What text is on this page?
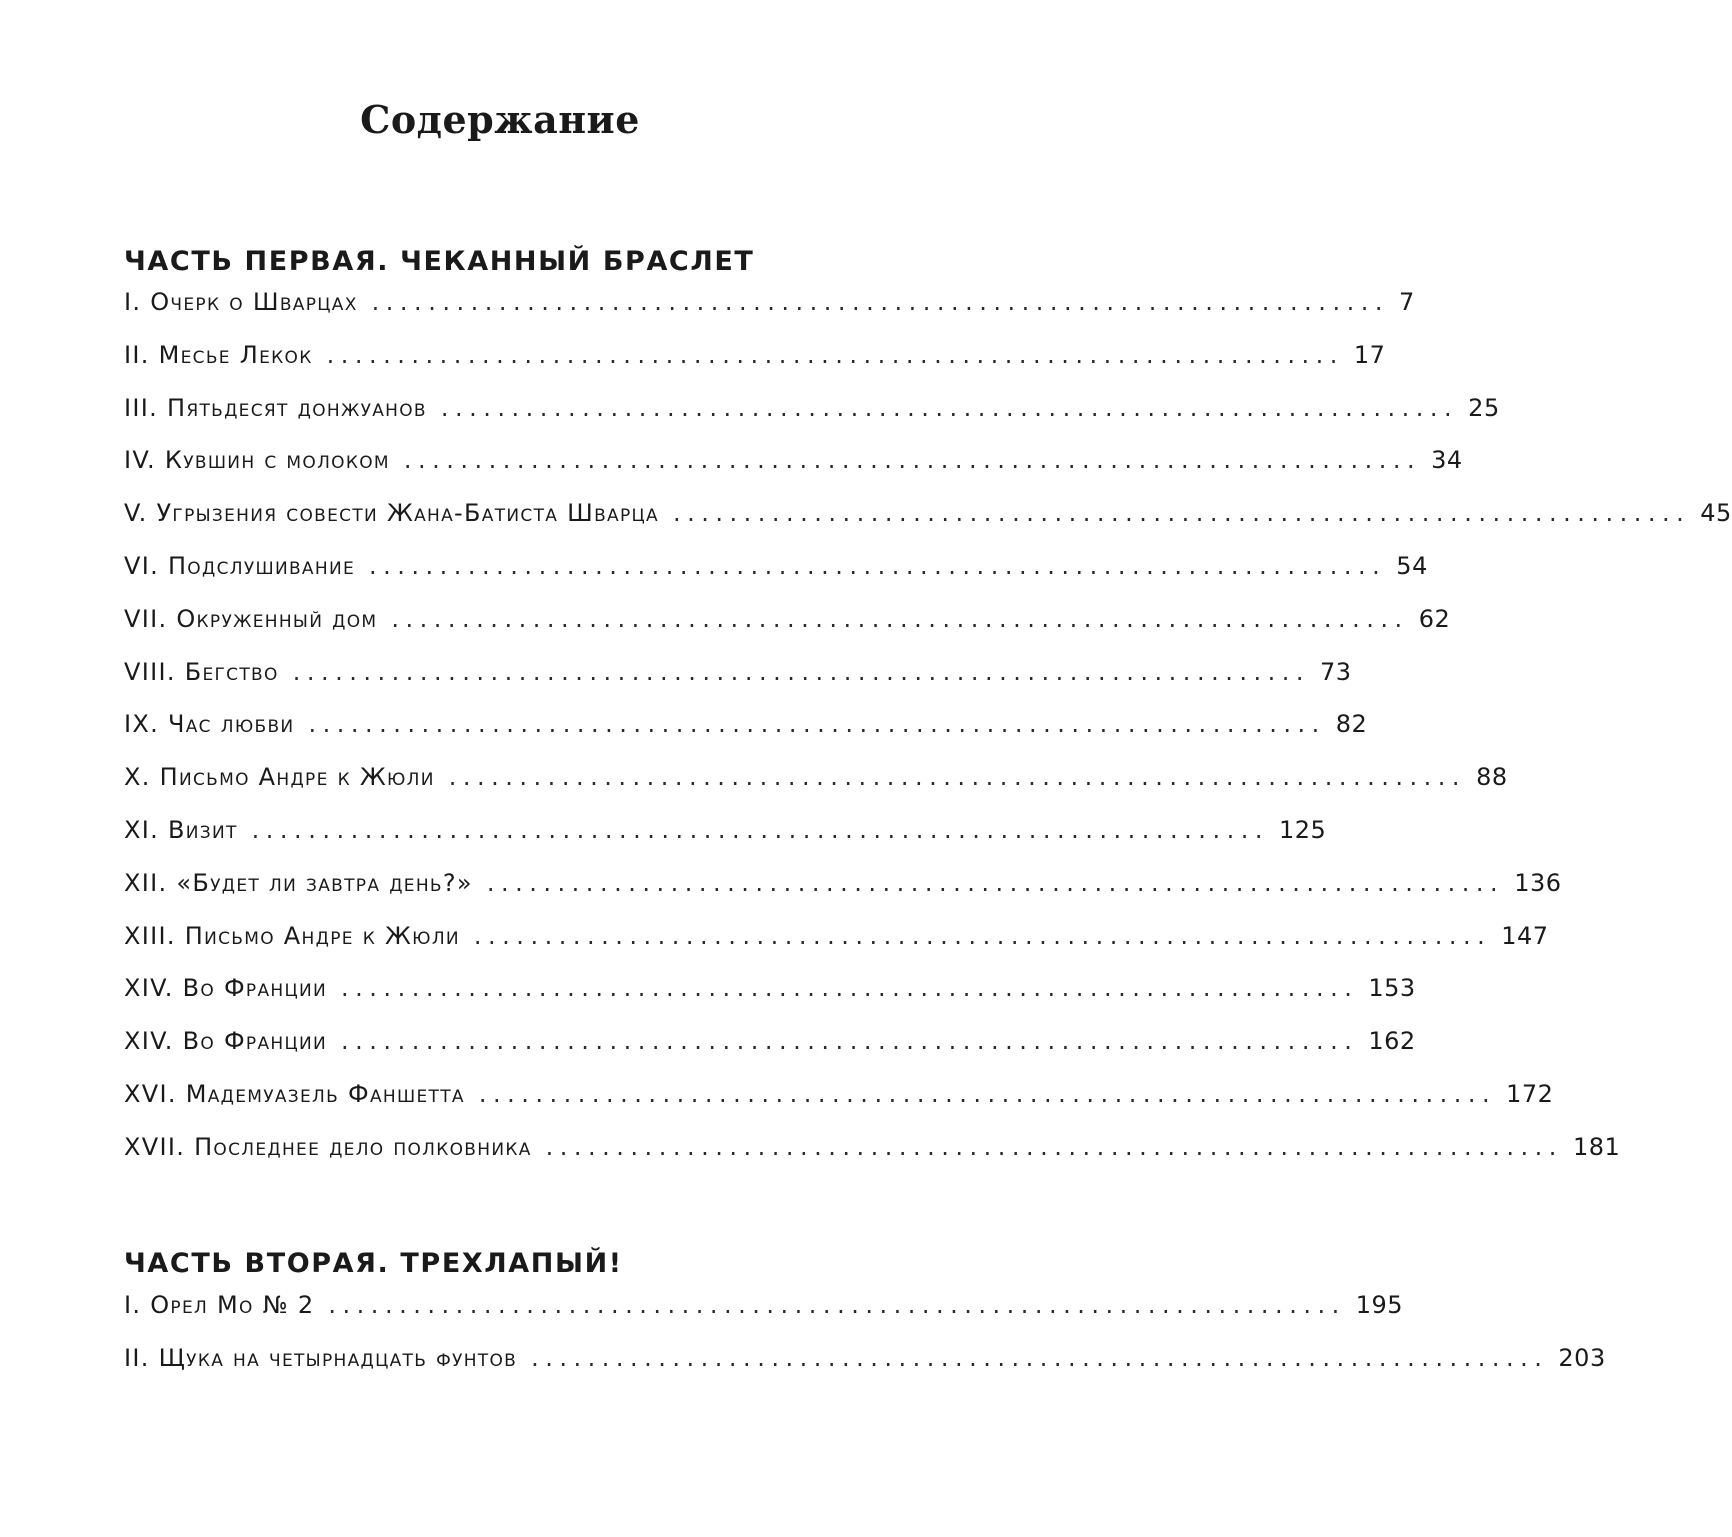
Содержание
ЧАСТЬ ПЕРВАЯ. ЧЕКАННЫЙ БРАСЛЕТ
I. Очерк о Шварцах ........................................................................ 7
II. Месье Лекок ........................................................................ 17
III. Пятьдесят донжуанов ........................................................................ 25
IV. Кувшин с молоком ........................................................................ 34
V. Угрызения совести Жана-Батиста Шварца ........................................................................ 45
VI. Подслушивание ........................................................................ 54
VII. Окруженный дом ........................................................................ 62
VIII. Бегство ........................................................................ 73
IX. Час любви ........................................................................ 82
X. Письмо Андре к Жюли ........................................................................ 88
XI. Визит ........................................................................ 125
XII. «Будет ли завтра день?» ........................................................................ 136
XIII. Письмо Андре к Жюли ........................................................................ 147
XIV. Во Франции ........................................................................ 153
XIV. Во Франции ........................................................................ 162
XVI. Мадемуазель Фаншетта ........................................................................ 172
XVII. Последнее дело полковника ........................................................................ 181
ЧАСТЬ ВТОРАЯ. ТРЕХЛАПЫЙ!
I. Орел Мо № 2 ........................................................................ 195
II. Щука на четырнадцать фунтов ........................................................................ 203
